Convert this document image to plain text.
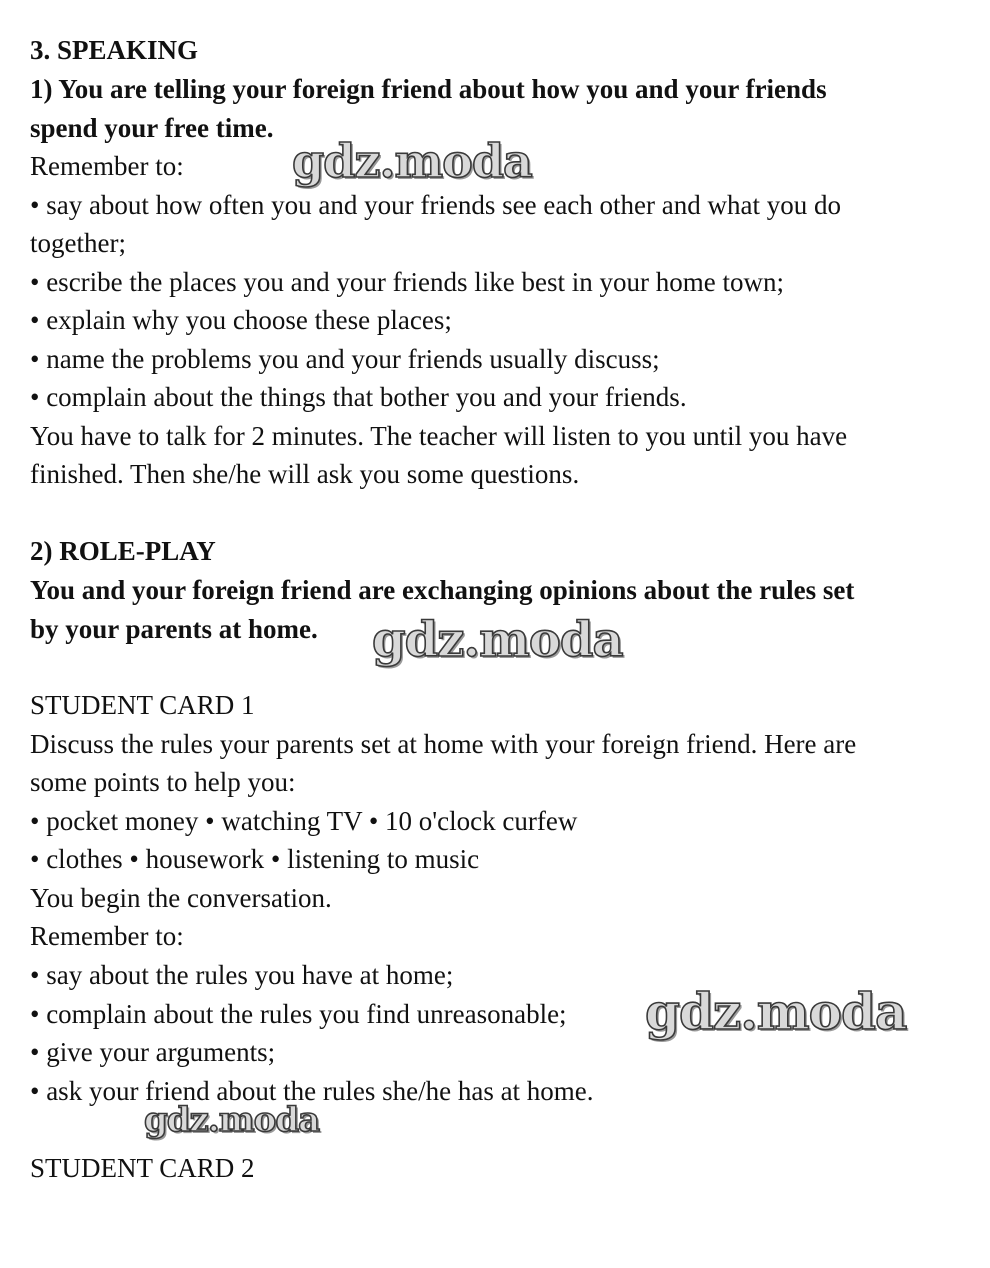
3. SPEAKING
1) You are telling your foreign friend about how you and your friends
spend your free time.
Remember to:
• say about how often you and your friends see each other and what you do
together;
• escribe the places you and your friends like best in your home town;
• explain why you choose these places;
• name the problems you and your friends usually discuss;
• complain about the things that bother you and your friends.
You have to talk for 2 minutes. The teacher will listen to you until you have
finished. Then she/he will ask you some questions.
2) ROLE-PLAY
You and your foreign friend are exchanging opinions about the rules set
by your parents at home.
STUDENT CARD 1
Discuss the rules your parents set at home with your foreign friend. Here are
some points to help you:
• pocket money • watching TV • 10 o'clock curfew
• clothes • housework • listening to music
You begin the conversation.
Remember to:
• say about the rules you have at home;
• complain about the rules you find unreasonable;
• give your arguments;
• ask your friend about the rules she/he has at home.
STUDENT CARD 2
gdz.moda
gdz.moda
gdz.moda
gdz.moda
